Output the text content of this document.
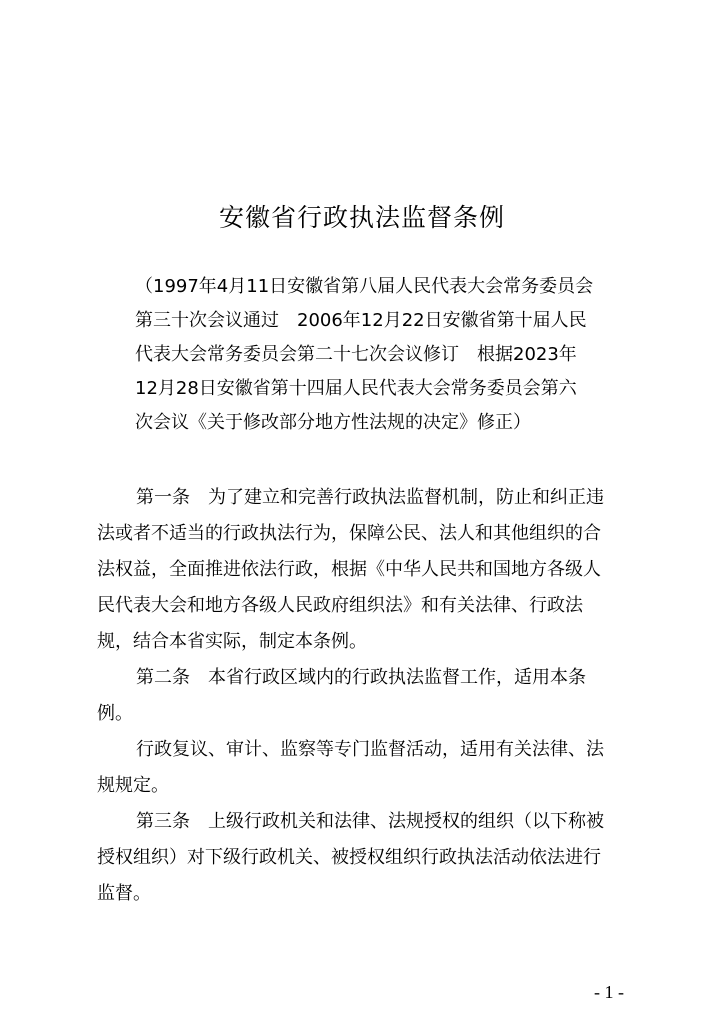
安徽省行政执法监督条例
（1997年4月11日安徽省第八届人民代表大会常务委员会
第三十次会议通过　2006年12月22日安徽省第十届人民
代表大会常务委员会第二十七次会议修订　根据2023年
12月28日安徽省第十四届人民代表大会常务委员会第六
次会议《关于修改部分地方性法规的决定》修正）
第一条 为了建立和完善行政执法监督机制，防止和纠正违
法或者不适当的行政执法行为，保障公民、法人和其他组织的合
法权益，全面推进依法行政，根据《中华人民共和国地方各级人
民代表大会和地方各级人民政府组织法》和有关法律、行政法
规，结合本省实际，制定本条例。
第二条 本省行政区域内的行政执法监督工作，适用本条
例。
行政复议、审计、监察等专门监督活动，适用有关法律、法
规规定。
第三条 上级行政机关和法律、法规授权的组织（以下称被
授权组织）对下级行政机关、被授权组织行政执法活动依法进行
监督。
- 1 -
